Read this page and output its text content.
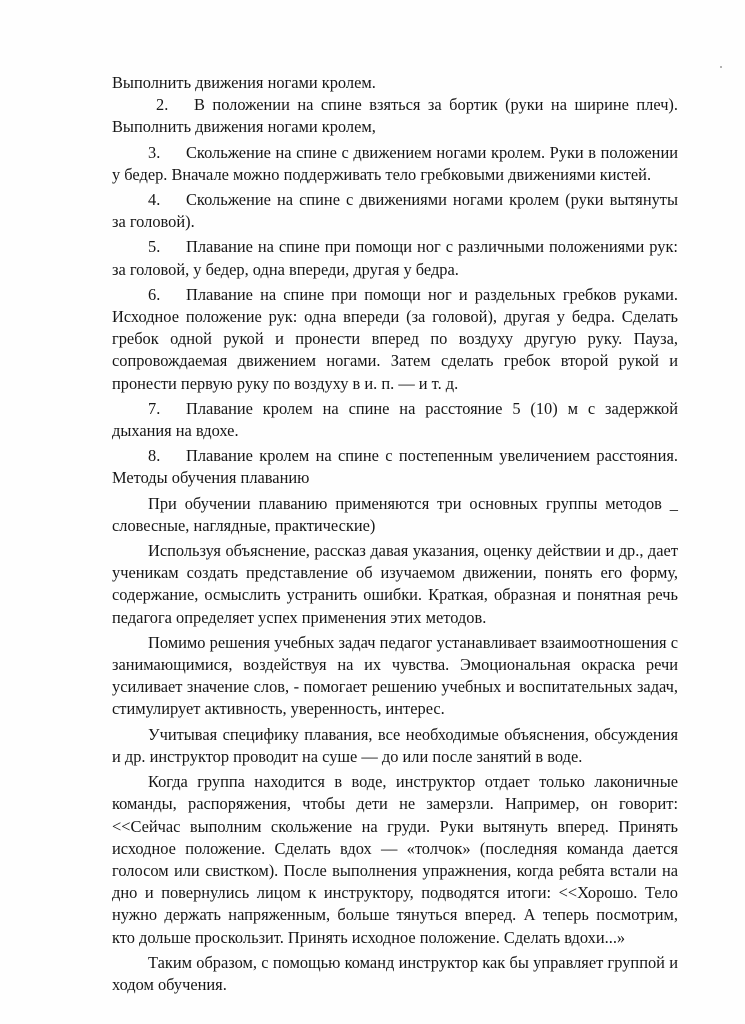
Выполнить движения ногами кролем.

2. В положении на спине взяться за бортик (руки на ширине плеч). Выполнить движения ногами кролем,

3. Скольжение на спине с движением ногами кролем. Руки в положении у бедер. Вначале можно поддерживать тело гребковыми движениями кистей.

4. Скольжение на спине с движениями ногами кролем (руки вытянуты за головой).

5. Плавание на спине при помощи ног с различными положениями рук: за головой, у бедер, одна впереди, другая у бедра.

6. Плавание на спине при помощи ног и раздельных гребков руками. Исходное положение рук: одна впереди (за головой), другая у бедра. Сделать гребок одной рукой и пронести вперед по воздуху другую руку. Пауза, сопровождаемая движением ногами. Затем сделать гребок второй рукой и пронести первую руку по воздуху в и. п. — и т. д.

7. Плавание кролем на спине на расстояние 5 (10) м с задержкой дыхания на вдохе.

8. Плавание кролем на спине с постепенным увеличением расстояния. Методы обучения плаванию

При обучении плаванию применяются три основных группы методов _ словесные, наглядные, практические)

Используя объяснение, рассказ давая указания, оценку действии и др., дает ученикам создать представление об изучаемом движении, понять его форму, содержание, осмыслить устранить ошибки. Краткая, образная и понятная речь педагога определяет успех применения этих методов.

Помимо решения учебных задач педагог устанавливает взаимоотношения с занимающимися, воздействуя на их чувства. Эмоциональная окраска речи усиливает значение слов, - помогает решению учебных и воспитательных задач, стимулирует активность, уверенность, интерес.

Учитывая специфику плавания, все необходимые объяснения, обсуждения и др. инструктор проводит на суше — до или после занятий в воде.

Когда группа находится в воде, инструктор отдает только лаконичные команды, распоряжения, чтобы дети не замерзли. Например, он говорит: <<Сейчас выполним скольжение на груди. Руки вытянуть вперед. Принять исходное положение. Сделать вдох — «толчок» (последняя команда дается голосом или свистком). После выполнения упражнения, когда ребята встали на дно и повернулись лицом к инструктору, подводятся итоги: <<Хорошо. Тело нужно держать напряженным, больше тянуться вперед. А теперь посмотрим, кто дольше проскользит. Принять исходное положение. Сделать вдохи...»

Таким образом, с помощью команд инструктор как бы управляет группой и ходом обучения.
